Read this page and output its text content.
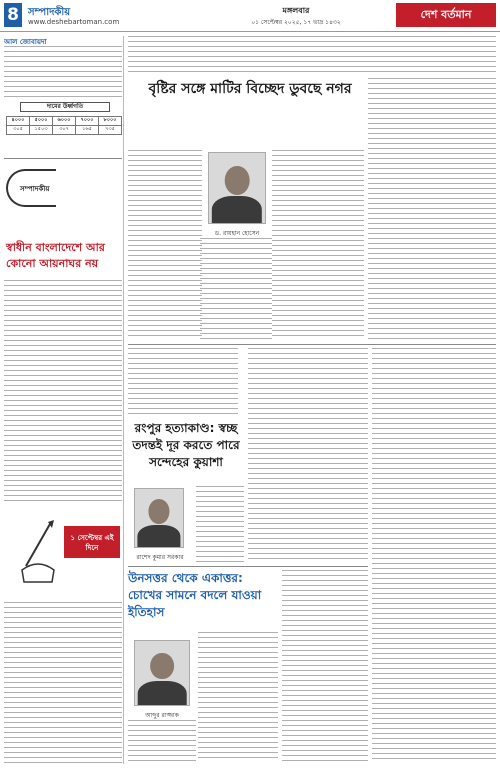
8 সম্পাদকীয়
www.deshebartoman.com
মঙ্গলবার
০১ সেপ্টেম্বর ২০২৫, ১৭ ভাদ্র ১৪৩২
দেশ বর্তমান
আল জোবায়দা
দামের উর্ধ্বগতি
৪০০০	৫০০০	৬০০০	৭০০০	৮০০০
৩০৫	১৫০৩	৩০৭	১৬৫	৭৩৫
সম্পাদকীয়
স্বাধীন বাংলাদেশে আর কোনো আয়নাঘর নয়
১ সেপ্টেম্বর এই দিনে
বৃষ্টির সঙ্গে মাটির বিচ্ছেদ ডুবছে নগর
ড. রায়হান হোসেন
রংপুর হত্যাকাণ্ড: স্বচ্ছ তদন্তই দূর করতে পারে সন্দেহের কুয়াশা
রাশেদ কুমার সরকার
উনসত্তর থেকে একাত্তর: চোখের সামনে বদলে যাওয়া ইতিহাস
আব্দুর রাজ্জাক
